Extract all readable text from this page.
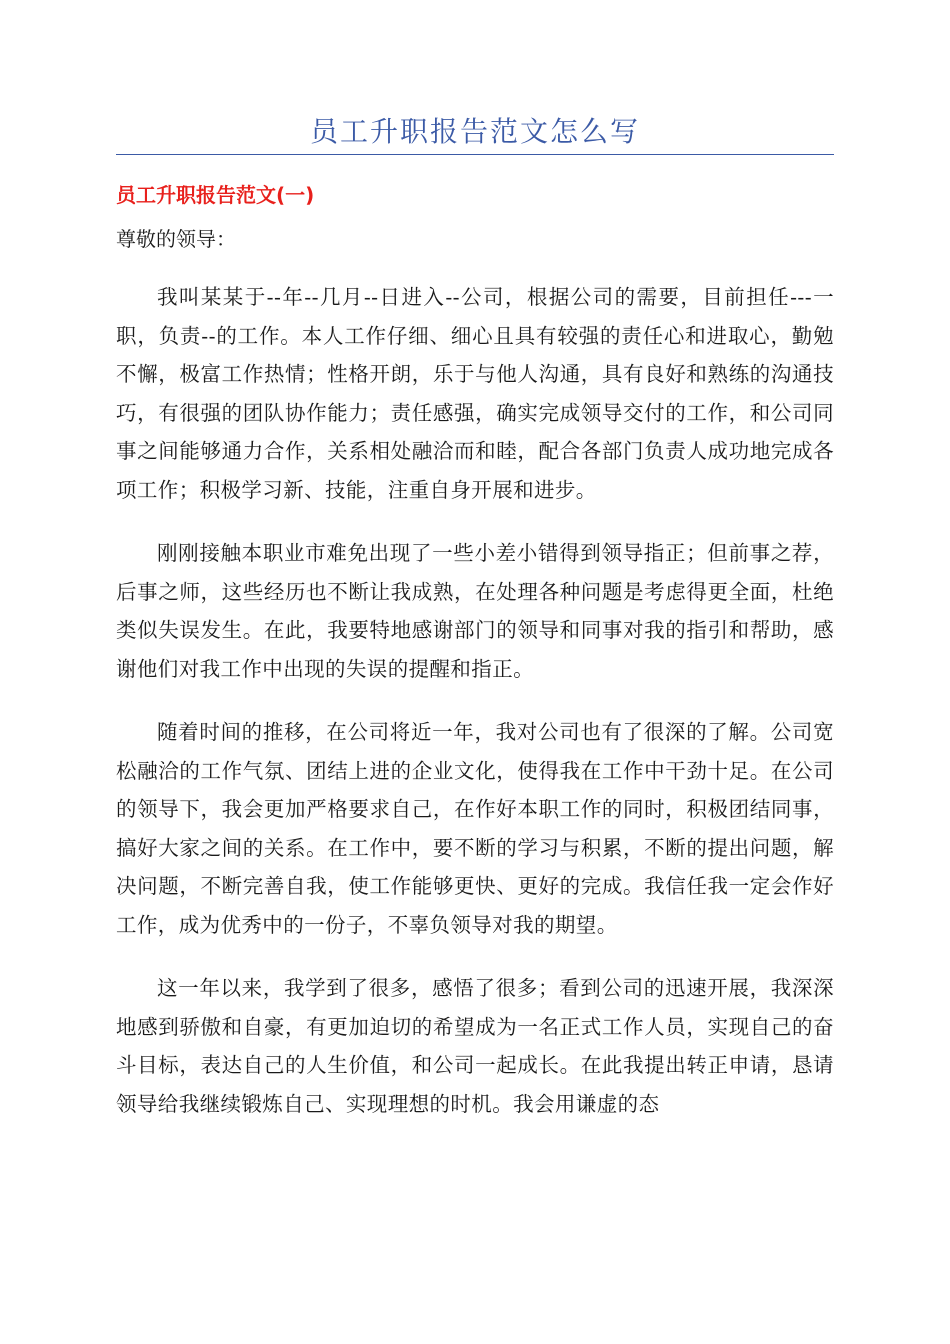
员工升职报告范文怎么写
员工升职报告范文(一)

尊敬的领导：

我叫某某于--年--几月--日进入--公司，根据公司的需要，目前担任---一职，负责--的工作。本人工作仔细、细心且具有较强的责任心和进取心，勤勉不懈，极富工作热情；性格开朗，乐于与他人沟通，具有良好和熟练的沟通技巧，有很强的团队协作能力；责任感强，确实完成领导交付的工作，和公司同事之间能够通力合作，关系相处融洽而和睦，配合各部门负责人成功地完成各项工作；积极学习新、技能，注重自身开展和进步。

刚刚接触本职业市难免出现了一些小差小错得到领导指正；但前事之荐，后事之师，这些经历也不断让我成熟，在处理各种问题是考虑得更全面，杜绝类似失误发生。在此，我要特地感谢部门的领导和同事对我的指引和帮助，感谢他们对我工作中出现的失误的提醒和指正。

随着时间的推移，在公司将近一年，我对公司也有了很深的了解。公司宽松融洽的工作气氛、团结上进的企业文化，使得我在工作中干劲十足。在公司的领导下，我会更加严格要求自己，在作好本职工作的同时，积极团结同事，搞好大家之间的关系。在工作中，要不断的学习与积累，不断的提出问题，解决问题，不断完善自我，使工作能够更快、更好的完成。我信任我一定会作好工作，成为优秀中的一份子，不辜负领导对我的期望。

这一年以来，我学到了很多，感悟了很多；看到公司的迅速开展，我深深地感到骄傲和自豪，有更加迫切的希望成为一名正式工作人员，实现自己的奋斗目标，表达自己的人生价值，和公司一起成长。在此我提出转正申请，恳请领导给我继续锻炼自己、实现理想的时机。我会用谦虚的态
